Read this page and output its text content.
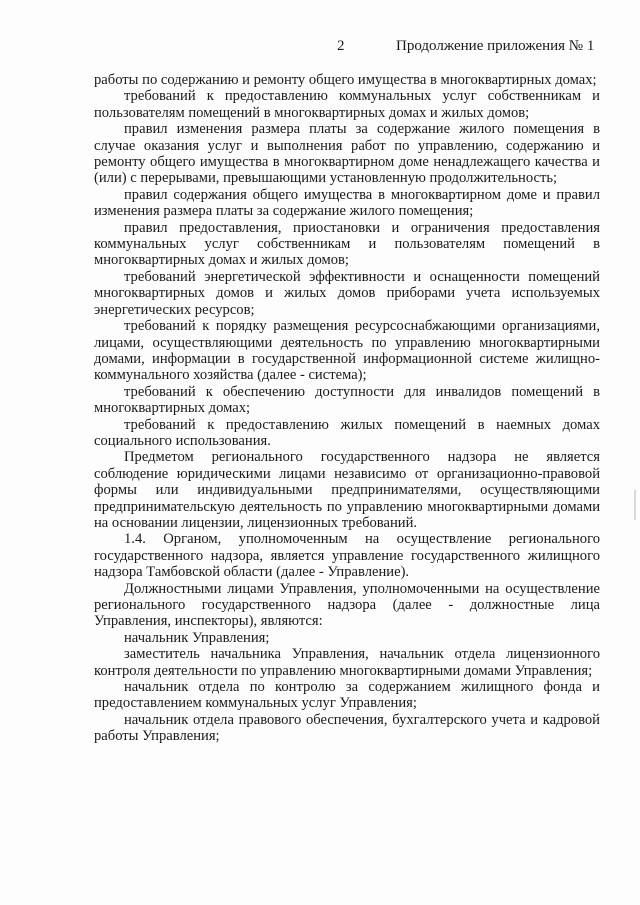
2	Продолжение приложения № 1

работы по содержанию и ремонту общего имущества в многоквартирных домах;

требований к предоставлению коммунальных услуг собственникам и пользователям помещений в многоквартирных домах и жилых домов;

правил изменения размера платы за содержание жилого помещения в случае оказания услуг и выполнения работ по управлению, содержанию и ремонту общего имущества в многоквартирном доме ненадлежащего качества и (или) с перерывами, превышающими установленную продолжительность;

правил содержания общего имущества в многоквартирном доме и правил изменения размера платы за содержание жилого помещения;

правил предоставления, приостановки и ограничения предоставления коммунальных услуг собственникам и пользователям помещений в многоквартирных домах и жилых домов;

требований энергетической эффективности и оснащенности помещений многоквартирных домов и жилых домов приборами учета используемых энергетических ресурсов;

требований к порядку размещения ресурсоснабжающими организациями, лицами, осуществляющими деятельность по управлению многоквартирными домами, информации в государственной информационной системе жилищно-коммунального хозяйства (далее - система);

требований к обеспечению доступности для инвалидов помещений в многоквартирных домах;

требований к предоставлению жилых помещений в наемных домах социального использования.

Предметом регионального государственного надзора не является соблюдение юридическими лицами независимо от организационно-правовой формы или индивидуальными предпринимателями, осуществляющими предпринимательскую деятельность по управлению многоквартирными домами на основании лицензии, лицензионных требований.

1.4. Органом, уполномоченным на осуществление регионального государственного надзора, является управление государственного жилищного надзора Тамбовской области (далее - Управление).

Должностными лицами Управления, уполномоченными на осуществление регионального государственного надзора (далее - должностные лица Управления, инспекторы), являются:

начальник Управления;

заместитель начальника Управления, начальник отдела лицензионного контроля деятельности по управлению многоквартирными домами Управления;

начальник отдела по контролю за содержанием жилищного фонда и предоставлением коммунальных услуг Управления;

начальник отдела правового обеспечения, бухгалтерского учета и кадровой работы Управления;
